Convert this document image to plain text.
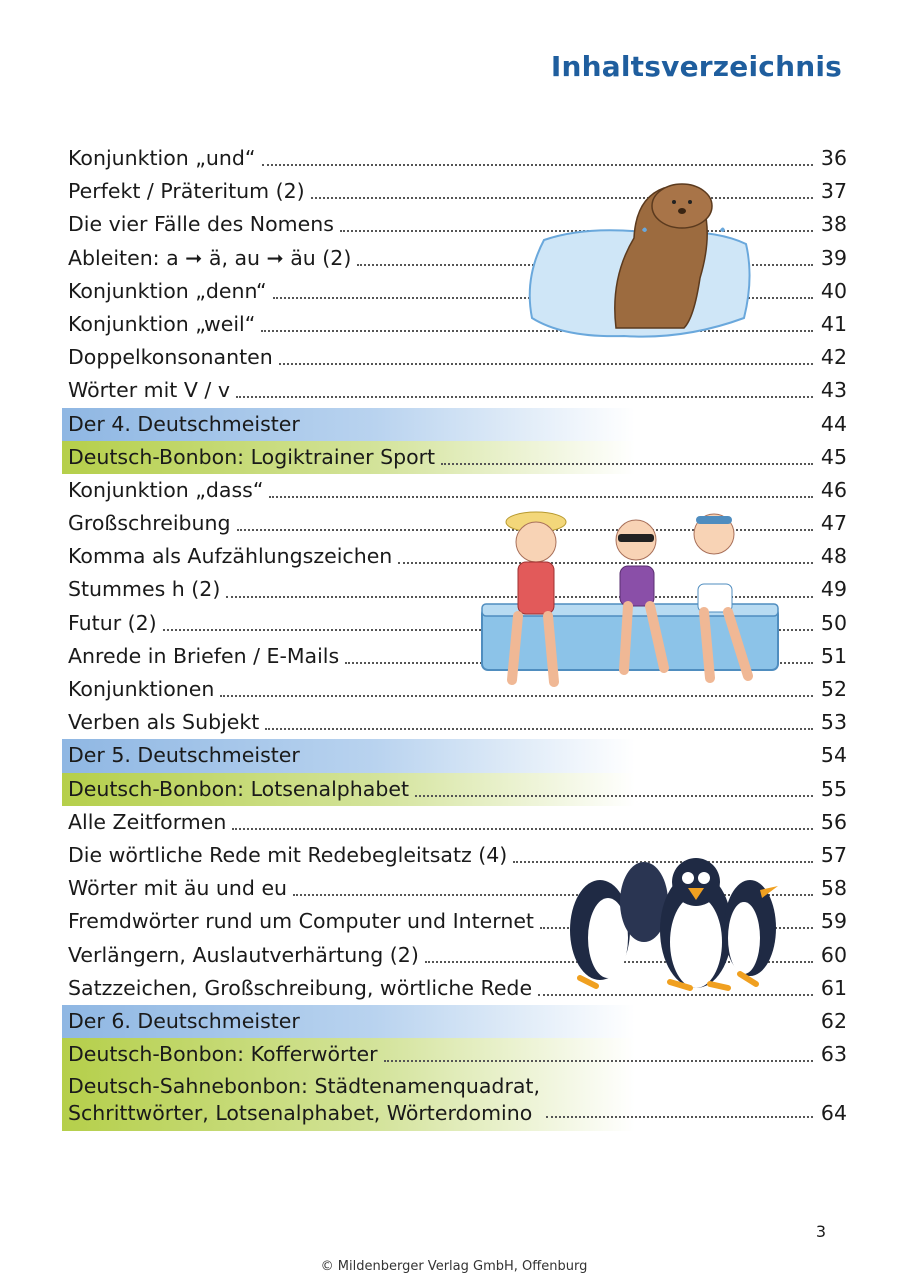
Inhaltsverzeichnis
Konjunktion „und“	36
Perfekt / Präteritum (2)	37
Die vier Fälle des Nomens	38
Ableiten: a ➞ ä, au ➞ äu (2)	39
Konjunktion „denn“	40
Konjunktion „weil“	41
Doppelkonsonanten	42
Wörter mit V / v	43
Der 4. Deutschmeister	44
Deutsch-Bonbon: Logiktrainer Sport	45
Konjunktion „dass“	46
Großschreibung	47
Komma als Aufzählungszeichen	48
Stummes h (2)	49
Futur (2)	50
Anrede in Briefen / E-Mails	51
Konjunktionen	52
Verben als Subjekt	53
Der 5. Deutschmeister	54
Deutsch-Bonbon: Lotsenalphabet	55
Alle Zeitformen	56
Die wörtliche Rede mit Redebegleitsatz (4)	57
Wörter mit äu und eu	58
Fremdwörter rund um Computer und Internet	59
Verlängern, Auslautverhärtung (2)	60
Satzzeichen, Großschreibung, wörtliche Rede	61
Der 6. Deutschmeister	62
Deutsch-Bonbon: Kofferwörter	63
Deutsch-Sahnebonbon: Städtenamenquadrat,
Schrittwörter, Lotsenalphabet, Wörterdomino	64
3
© Mildenberger Verlag GmbH, Offenburg
